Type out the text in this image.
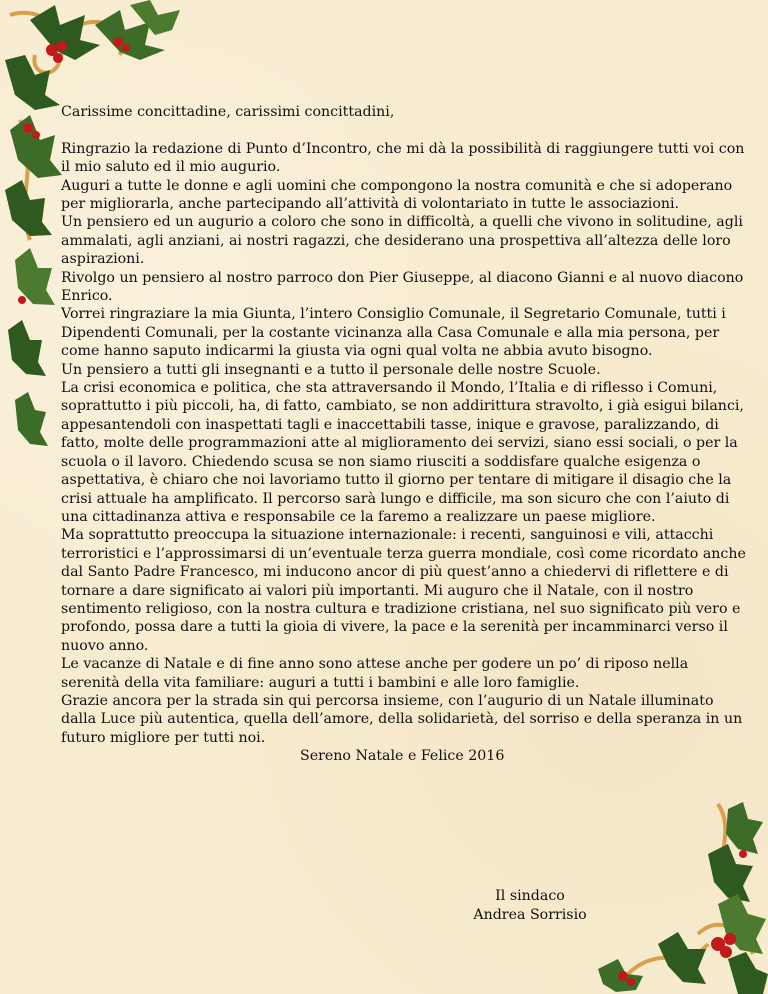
Carissime concittadine, carissimi concittadini,

Ringrazio la redazione di Punto d’Incontro, che mi dà la possibilità di raggiungere tutti voi con il mio saluto ed il mio augurio.

Auguri a tutte le donne e agli uomini che compongono la nostra comunità e che si adoperano per migliorarla, anche partecipando all’attività di volontariato in tutte le associazioni.

Un pensiero ed un augurio a coloro che sono in difficoltà, a quelli che vivono in solitudine, agli ammalati, agli anziani, ai nostri ragazzi, che desiderano una prospettiva all’altezza delle loro aspirazioni.

Rivolgo un pensiero al nostro parroco don Pier Giuseppe, al diacono Gianni e al nuovo diacono Enrico.

Vorrei ringraziare la mia Giunta, l’intero Consiglio Comunale, il Segretario Comunale, tutti i Dipendenti Comunali, per la costante vicinanza alla Casa Comunale e alla mia persona, per come hanno saputo indicarmi la giusta via ogni qual volta ne abbia avuto bisogno.

Un pensiero a tutti gli insegnanti e a tutto il personale delle nostre Scuole.

La crisi economica e politica, che sta attraversando il Mondo, l’Italia e di riflesso i Comuni, soprattutto i più piccoli, ha, di fatto, cambiato, se non addirittura stravolto, i già esigui bilanci, appesantendoli con inaspettati tagli e inaccettabili tasse, inique e gravose, paralizzando, di fatto, molte delle programmazioni atte al miglioramento dei servizi, siano essi sociali, o per la scuola o il lavoro. Chiedendo scusa se non siamo riusciti a soddisfare qualche esigenza o aspettativa, è chiaro che noi lavoriamo tutto il giorno per tentare di mitigare il disagio che la crisi attuale ha amplificato. Il percorso sarà lungo e difficile, ma son sicuro che con l’aiuto di una cittadinanza attiva e responsabile ce la faremo a realizzare un paese migliore.

Ma soprattutto preoccupa la situazione internazionale: i recenti, sanguinosi e vili, attacchi terroristici e l’approssimarsi di un’eventuale terza guerra mondiale, così come ricordato anche dal Santo Padre Francesco, mi inducono ancor di più quest’anno a chiedervi di riflettere e di tornare a dare significato ai valori più importanti. Mi auguro che il Natale, con il nostro sentimento religioso, con la nostra cultura e tradizione cristiana, nel suo significato più vero e profondo, possa dare a tutti la gioia di vivere, la pace e la serenità per incamminarci verso il nuovo anno.

Le vacanze di Natale e di fine anno sono attese anche per godere un po’ di riposo nella serenità della vita familiare: auguri a tutti i bambini e alle loro famiglie.

Grazie ancora per la strada sin qui percorsa insieme, con l’augurio di un Natale illuminato dalla Luce più autentica, quella dell’amore, della solidarietà, del sorriso e della speranza in un futuro migliore per tutti noi.

Sereno Natale e Felice 2016

Il sindaco
Andrea Sorrisio
